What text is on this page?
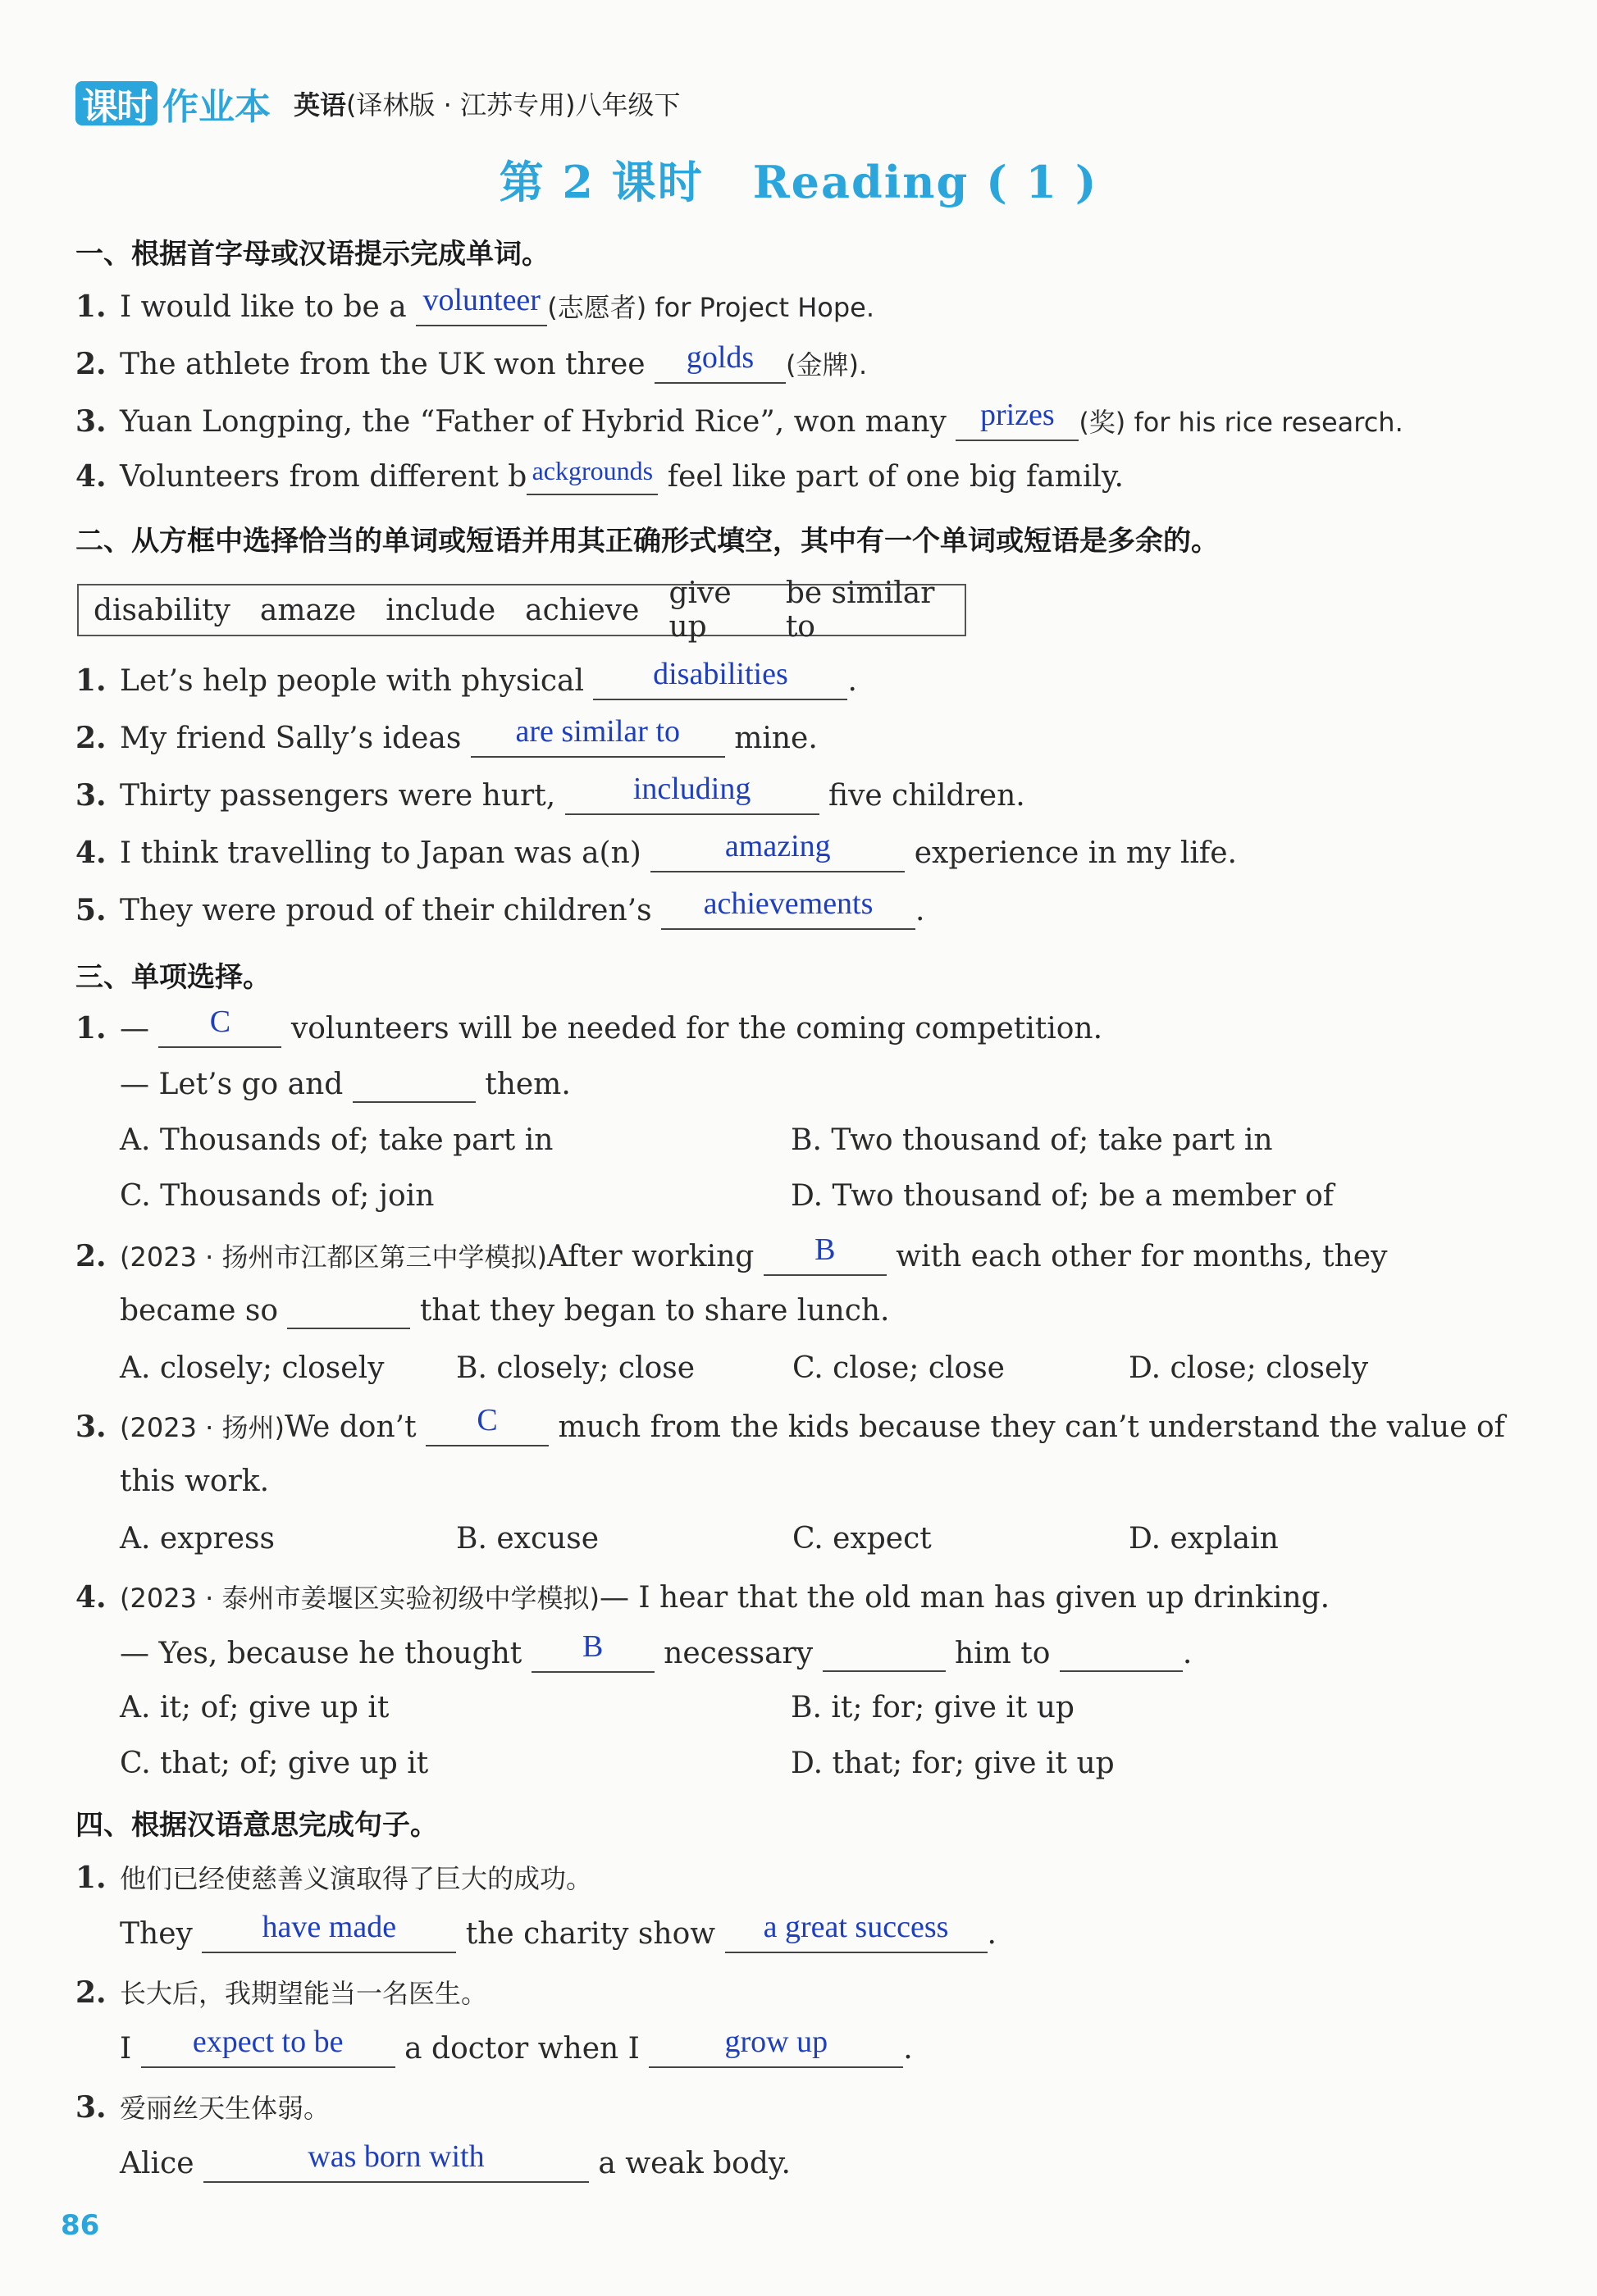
课时 作业本 英语(译林版 · 江苏专用)八年级下
第 2 课时 Reading ( 1 )
一、根据首字母或汉语提示完成单词。
1. I would like to be a volunteer (志愿者) for Project Hope.
2. The athlete from the UK won three golds (金牌).
3. Yuan Longping, the “Father of Hybrid Rice”, won many prizes (奖) for his rice research.
4. Volunteers from different b ackgrounds feel like part of one big family.
二、从方框中选择恰当的单词或短语并用其正确形式填空，其中有一个单词或短语是多余的。
disability amaze include achieve give up
be similar to
1. Let’s help people with physical disabilities .
2. My friend Sally’s ideas are similar to mine.
3. Thirty passengers were hurt, including five children.
4. I think travelling to Japan was a(n) amazing	experience in my life.
5. They were proud of their children’s achievements .
三、单项选择。
1. — C volunteers will be needed for the coming competition.
— Let’s go and	them.
A. Thousands of; take part in	B. Two thousand of; take part in
C. Thousands of; join	D. Two thousand of; be a member of
2. (2023 · 扬州市江都区第三中学模拟)After working B with each other for months, they
became so	that they began to share lunch.
A. closely; closely B. closely; close	C. close; close	D. close; closely
3. (2023 · 扬州)We don’t C much from the kids because they can’t understand the value of
this work.
A. express	B. excuse	C. expect	D. explain
4. (2023 · 泰州市姜堰区实验初级中学模拟)— I hear that the old man has given up drinking.
— Yes, because he thought B necessary	him to	.
A. it; of; give up it	B. it; for; give it up
C. that; of; give up it	D. that; for; give it up
四、根据汉语意思完成句子。
1. 他们已经使慈善义演取得了巨大的成功。
They have made the charity show a great success .
2. 长大后，我期望能当一名医生。
I expect to be a doctor when I grow up	.
3. 爱丽丝天生体弱。
Alice	was born with	a weak body.
86
